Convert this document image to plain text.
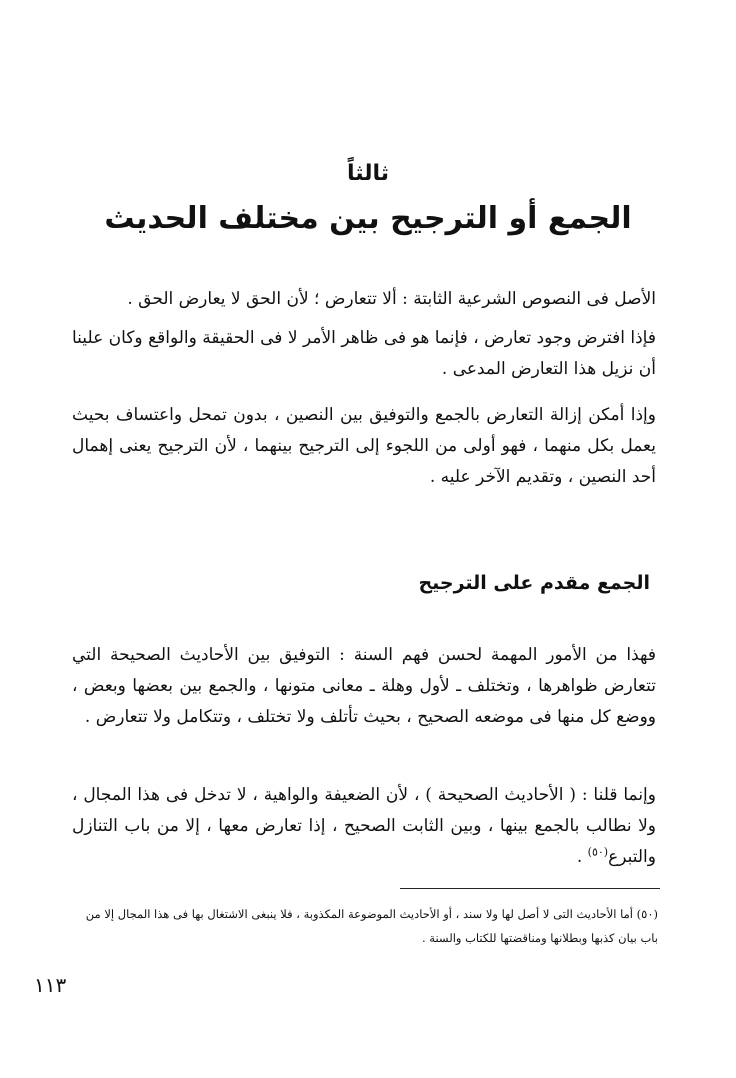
ثالثاً
الجمع أو الترجيح بين مختلف الحديث

الأصل فى النصوص الشرعية الثابتة : ألا تتعارض ؛ لأن الحق لا يعارض الحق .

فإذا افترض وجود تعارض ، فإنما هو فى ظاهر الأمر لا فى الحقيقة والواقع وكان علينا أن نزيل هذا التعارض المدعى .

وإذا أمكن إزالة التعارض بالجمع والتوفيق بين النصين ، بدون تمحل واعتساف بحيث يعمل بكل منهما ، فهو أولى من اللجوء إلى الترجيح بينهما ، لأن الترجيح يعنى إهمال أحد النصين ، وتقديم الآخر عليه .

الجمع مقدم على الترجيح

فهذا من الأمور المهمة لحسن فهم السنة : التوفيق بين الأحاديث الصحيحة التي تتعارض ظواهرها ، وتختلف ـ لأول وهلة ـ معانى متونها ، والجمع بين بعضها وبعض ، ووضع كل منها فى موضعه الصحيح ، بحيث تأتلف ولا تختلف ، وتتكامل ولا تتعارض .

وإنما قلنا : ( الأحاديث الصحيحة ) ، لأن الضعيفة والواهية ، لا تدخل فى هذا المجال ، ولا نطالب بالجمع بينها ، وبين الثابت الصحيح ، إذا تعارض معها ، إلا من باب التنازل والتبرع$^{(٥٠)}$ .

(٥٠) أما الأحاديث التى لا أصل لها ولا سند ، أو الأحاديث الموضوعة المكذوبة ، فلا ينبغى الاشتغال بها فى هذا المجال إلا من باب بيان كذبها وبطلانها ومناقضتها للكتاب والسنة .
١١٣
